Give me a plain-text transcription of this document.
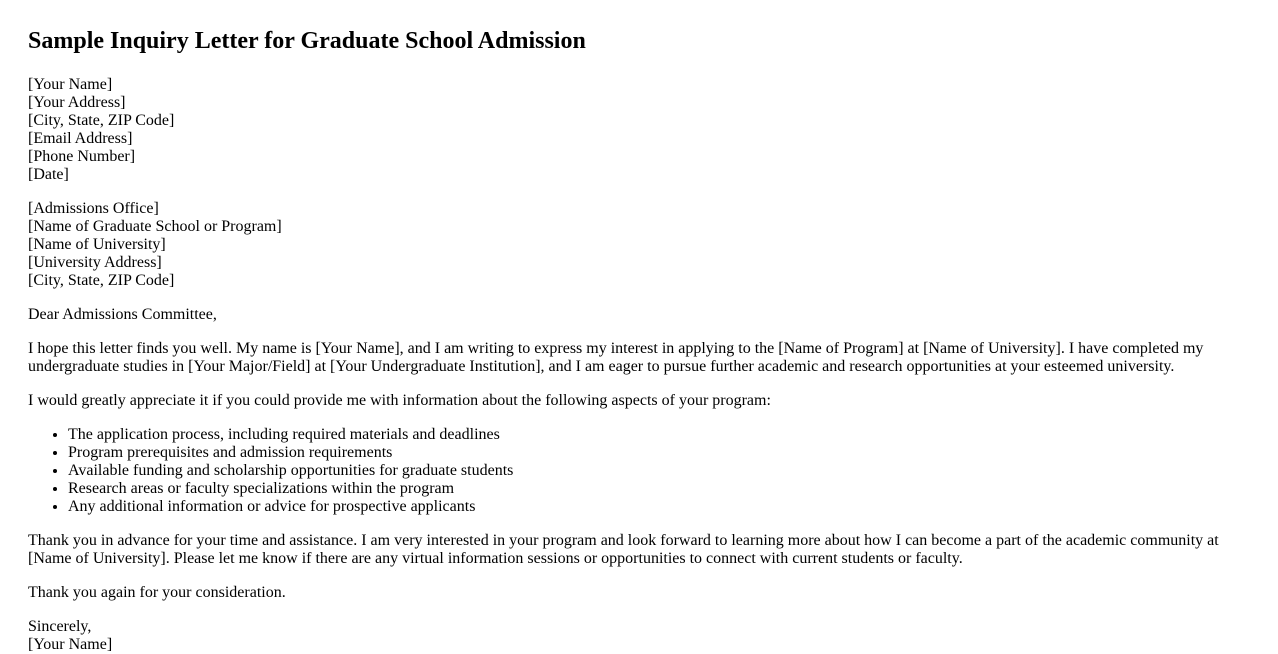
Sample Inquiry Letter for Graduate School Admission
[Your Name]
[Your Address]
[City, State, ZIP Code]
[Email Address]
[Phone Number]
[Date]
[Admissions Office]
[Name of Graduate School or Program]
[Name of University]
[University Address]
[City, State, ZIP Code]
Dear Admissions Committee,
I hope this letter finds you well. My name is [Your Name], and I am writing to express my interest in applying to the [Name of Program] at [Name of University]. I have completed my undergraduate studies in [Your Major/Field] at [Your Undergraduate Institution], and I am eager to pursue further academic and research opportunities at your esteemed university.
I would greatly appreciate it if you could provide me with information about the following aspects of your program:
• The application process, including required materials and deadlines
• Program prerequisites and admission requirements
• Available funding and scholarship opportunities for graduate students
• Research areas or faculty specializations within the program
• Any additional information or advice for prospective applicants
Thank you in advance for your time and assistance. I am very interested in your program and look forward to learning more about how I can become a part of the academic community at [Name of University]. Please let me know if there are any virtual information sessions or opportunities to connect with current students or faculty.
Thank you again for your consideration.
Sincerely,
[Your Name]
